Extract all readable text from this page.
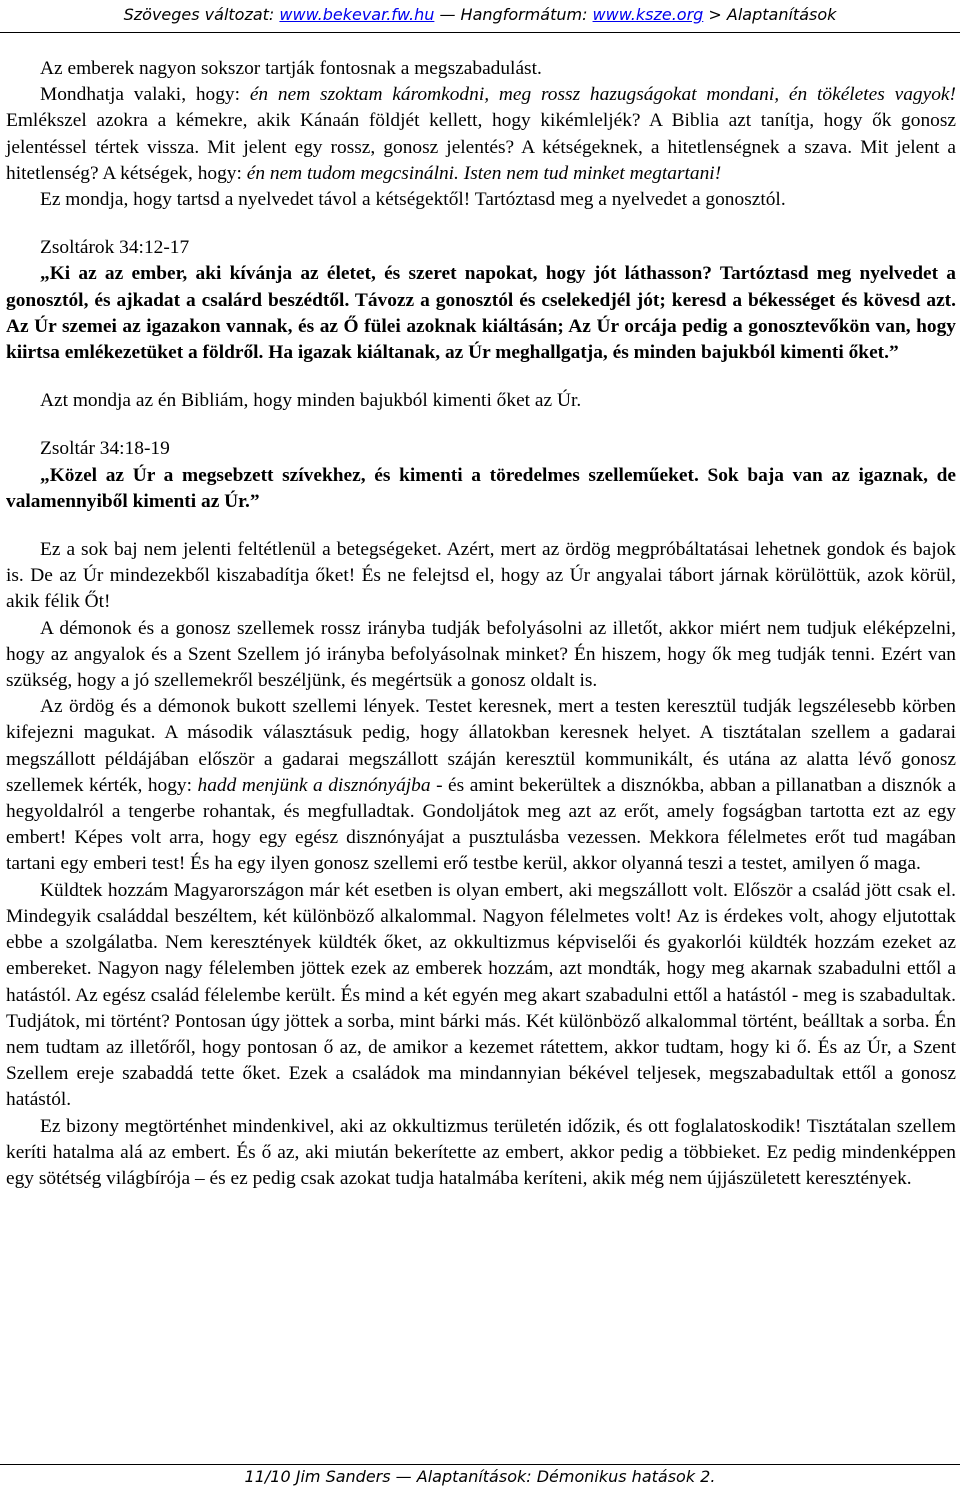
Szöveges változat: www.bekevar.fw.hu — Hangformátum: www.ksze.org > Alaptanítások

Az emberek nagyon sokszor tartják fontosnak a megszabadulást.

Mondhatja valaki, hogy: én nem szoktam káromkodni, meg rossz hazugságokat mondani, én tökéletes vagyok! Emlékszel azokra a kémekre, akik Kánaán földjét kellett, hogy kikémleljék? A Biblia azt tanítja, hogy ők gonosz jelentéssel tértek vissza. Mit jelent egy rossz, gonosz jelentés? A kétségeknek, a hitetlenségnek a szava. Mit jelent a hitetlenség? A kétségek, hogy: én nem tudom megcsinálni. Isten nem tud minket megtartani!

Ez mondja, hogy tartsd a nyelvedet távol a kétségektől! Tartóztasd meg a nyelvedet a gonosztól.

Zsoltárok 34:12-17

„Ki az az ember, aki kívánja az életet, és szeret napokat, hogy jót láthasson? Tartóztasd meg nyelvedet a gonosztól, és ajkadat a csalárd beszédtől. Távozz a gonosztól és cselekedjél jót; keresd a békességet és kövesd azt. Az Úr szemei az igazakon vannak, és az Ő fülei azoknak kiáltásán; Az Úr orcája pedig a gonosztevőkön van, hogy kiirtsa emlékezetüket a földről. Ha igazak kiáltanak, az Úr meghallgatja, és minden bajukból kimenti őket.”

Azt mondja az én Bibliám, hogy minden bajukból kimenti őket az Úr.

Zsoltár 34:18-19

„Közel az Úr a megsebzett szívekhez, és kimenti a töredelmes szelleműeket. Sok baja van az igaznak, de valamennyiből kimenti az Úr.”

Ez a sok baj nem jelenti feltétlenül a betegségeket. Azért, mert az ördög megpróbáltatásai lehetnek gondok és bajok is. De az Úr mindezekből kiszabadítja őket! És ne felejtsd el, hogy az Úr angyalai tábort járnak körülöttük, azok körül, akik félik Őt!

A démonok és a gonosz szellemek rossz irányba tudják befolyásolni az illetőt, akkor miért nem tudjuk eléképzelni, hogy az angyalok és a Szent Szellem jó irányba befolyásolnak minket? Én hiszem, hogy ők meg tudják tenni. Ezért van szükség, hogy a jó szellemekről beszéljünk, és megértsük a gonosz oldalt is.

Az ördög és a démonok bukott szellemi lények. Testet keresnek, mert a testen keresztül tudják legszélesebb körben kifejezni magukat. A második választásuk pedig, hogy állatokban keresnek helyet. A tisztátalan szellem a gadarai megszállott példájában először a gadarai megszállott száján keresztül kommunikált, és utána az alatta lévő gonosz szellemek kérték, hogy: hadd menjünk a disznónyájba - és amint bekerültek a disznókba, abban a pillanatban a disznók a hegyoldalról a tengerbe rohantak, és megfulladtak. Gondoljátok meg azt az erőt, amely fogságban tartotta ezt az egy embert! Képes volt arra, hogy egy egész disznónyájat a pusztulásba vezessen. Mekkora félelmetes erőt tud magában tartani egy emberi test! És ha egy ilyen gonosz szellemi erő testbe kerül, akkor olyanná teszi a testet, amilyen ő maga.

Küldtek hozzám Magyarországon már két esetben is olyan embert, aki megszállott volt. Először a család jött csak el. Mindegyik családdal beszéltem, két különböző alkalommal. Nagyon félelmetes volt! Az is érdekes volt, ahogy eljutottak ebbe a szolgálatba. Nem keresztények küldték őket, az okkultizmus képviselői és gyakorlói küldték hozzám ezeket az embereket. Nagyon nagy félelemben jöttek ezek az emberek hozzám, azt mondták, hogy meg akarnak szabadulni ettől a hatástól. Az egész család félelembe került. És mind a két egyén meg akart szabadulni ettől a hatástól - meg is szabadultak. Tudjátok, mi történt? Pontosan úgy jöttek a sorba, mint bárki más. Két különböző alkalommal történt, beálltak a sorba. Én nem tudtam az illetőről, hogy pontosan ő az, de amikor a kezemet rátettem, akkor tudtam, hogy ki ő. És az Úr, a Szent Szellem ereje szabaddá tette őket. Ezek a családok ma mindannyian békével teljesek, megszabadultak ettől a gonosz hatástól.

Ez bizony megtörténhet mindenkivel, aki az okkultizmus területén időzik, és ott foglalatoskodik! Tisztátalan szellem keríti hatalma alá az embert. És ő az, aki miután bekerítette az embert, akkor pedig a többieket. Ez pedig mindenképpen egy sötétség világbírója – és ez pedig csak azokat tudja hatalmába keríteni, akik még nem újjászületett keresztények.

11/10 Jim Sanders — Alaptanítások: Démonikus hatások 2.
